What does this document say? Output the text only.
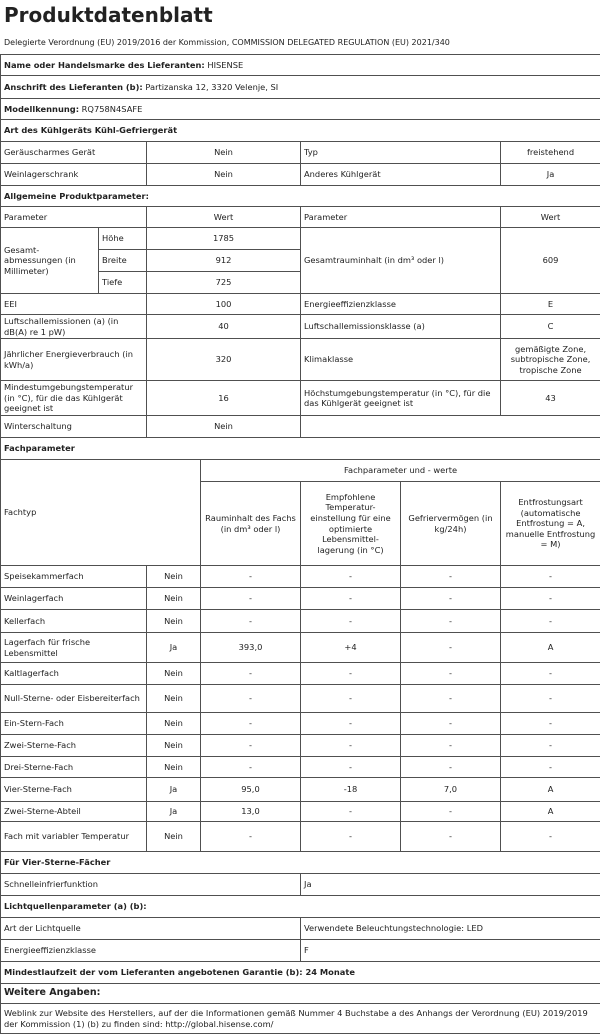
Produktdatenblatt
Delegierte Verordnung (EU) 2019/2016 der Kommission, COMMISSION DELEGATED REGULATION (EU) 2021/340
Name oder Handelsmarke des Lieferanten: HISENSE						
Anschrift des Lieferanten (b): Partizanska 12, 3320 Velenje, SI						
Modellkennung: RQ758N4SAFE						
Art des Kühlgeräts Kühl-Gefriergerät						
Geräuscharmes Gerät		Nein		Typ		freistehend
Weinlagerschrank		Nein		Anderes Kühlgerät		Ja
Allgemeine Produktparameter:						
Parameter		Wert		Parameter		Wert
Gesamt-abmessungen (in Millimeter)	Höhe	1785		Gesamtrauminhalt (in dm³ oder l)		609
	Breite	912				
	Tiefe	725				
EEI		100		Energieeffizienzklasse		E
Luftschallemissionen (a) (in dB(A) re 1 pW)		40		Luftschallemissionsklasse (a)		C
Jährlicher Energieverbrauch (in kWh/a)		320		Klimaklasse		gemäßigte Zone, subtropische Zone, tropische Zone
Mindestumgebungstemperatur (in °C), für die das Kühlgerät geeignet ist		16		Höchstumgebungstemperatur (in °C), für die das Kühlgerät geeignet ist		43
Winterschaltung		Nein				
Fachparameter						
Fachtyp			Fachparameter und - werte			
			Rauminhalt des Fachs (in dm³ oder l)	Empfohlene Temperatur-einstellung für eine optimierte Lebensmittel-lagerung (in °C)	Gefriervermögen (in kg/24h)	Entfrostungsart (automatische Entfrostung = A, manuelle Entfrostung = M)
Speisekammerfach		Nein	-	-	-	-
Weinlagerfach		Nein	-	-	-	-
Kellerfach		Nein	-	-	-	-
Lagerfach für frische Lebensmittel		Ja	393,0	+4	-	A
Kaltlagerfach		Nein	-	-	-	-
Null-Sterne- oder Eisbereiterfach		Nein	-	-	-	-
Ein-Stern-Fach		Nein	-	-	-	-
Zwei-Sterne-Fach		Nein	-	-	-	-
Drei-Sterne-Fach		Nein	-	-	-	-
Vier-Sterne-Fach		Ja	95,0	-18	7,0	A
Zwei-Sterne-Abteil		Ja	13,0	-	-	A
Fach mit variabler Temperatur		Nein	-	-	-	-
Für Vier-Sterne-Fächer						
Schnelleinfrierfunktion				Ja		
Lichtquellenparameter (a) (b):						
Art der Lichtquelle				Verwendete Beleuchtungstechnologie: LED		
Energieeffizienzklasse				F		
Mindestlaufzeit der vom Lieferanten angebotenen Garantie (b): 24 Monate						
Weitere Angaben:						
Weblink zur Website des Herstellers, auf der die Informationen gemäß Nummer 4 Buchstabe a des Anhangs der Verordnung (EU) 2019/2019 der Kommission (1) (b) zu finden sind: http://global.hisense.com/						
